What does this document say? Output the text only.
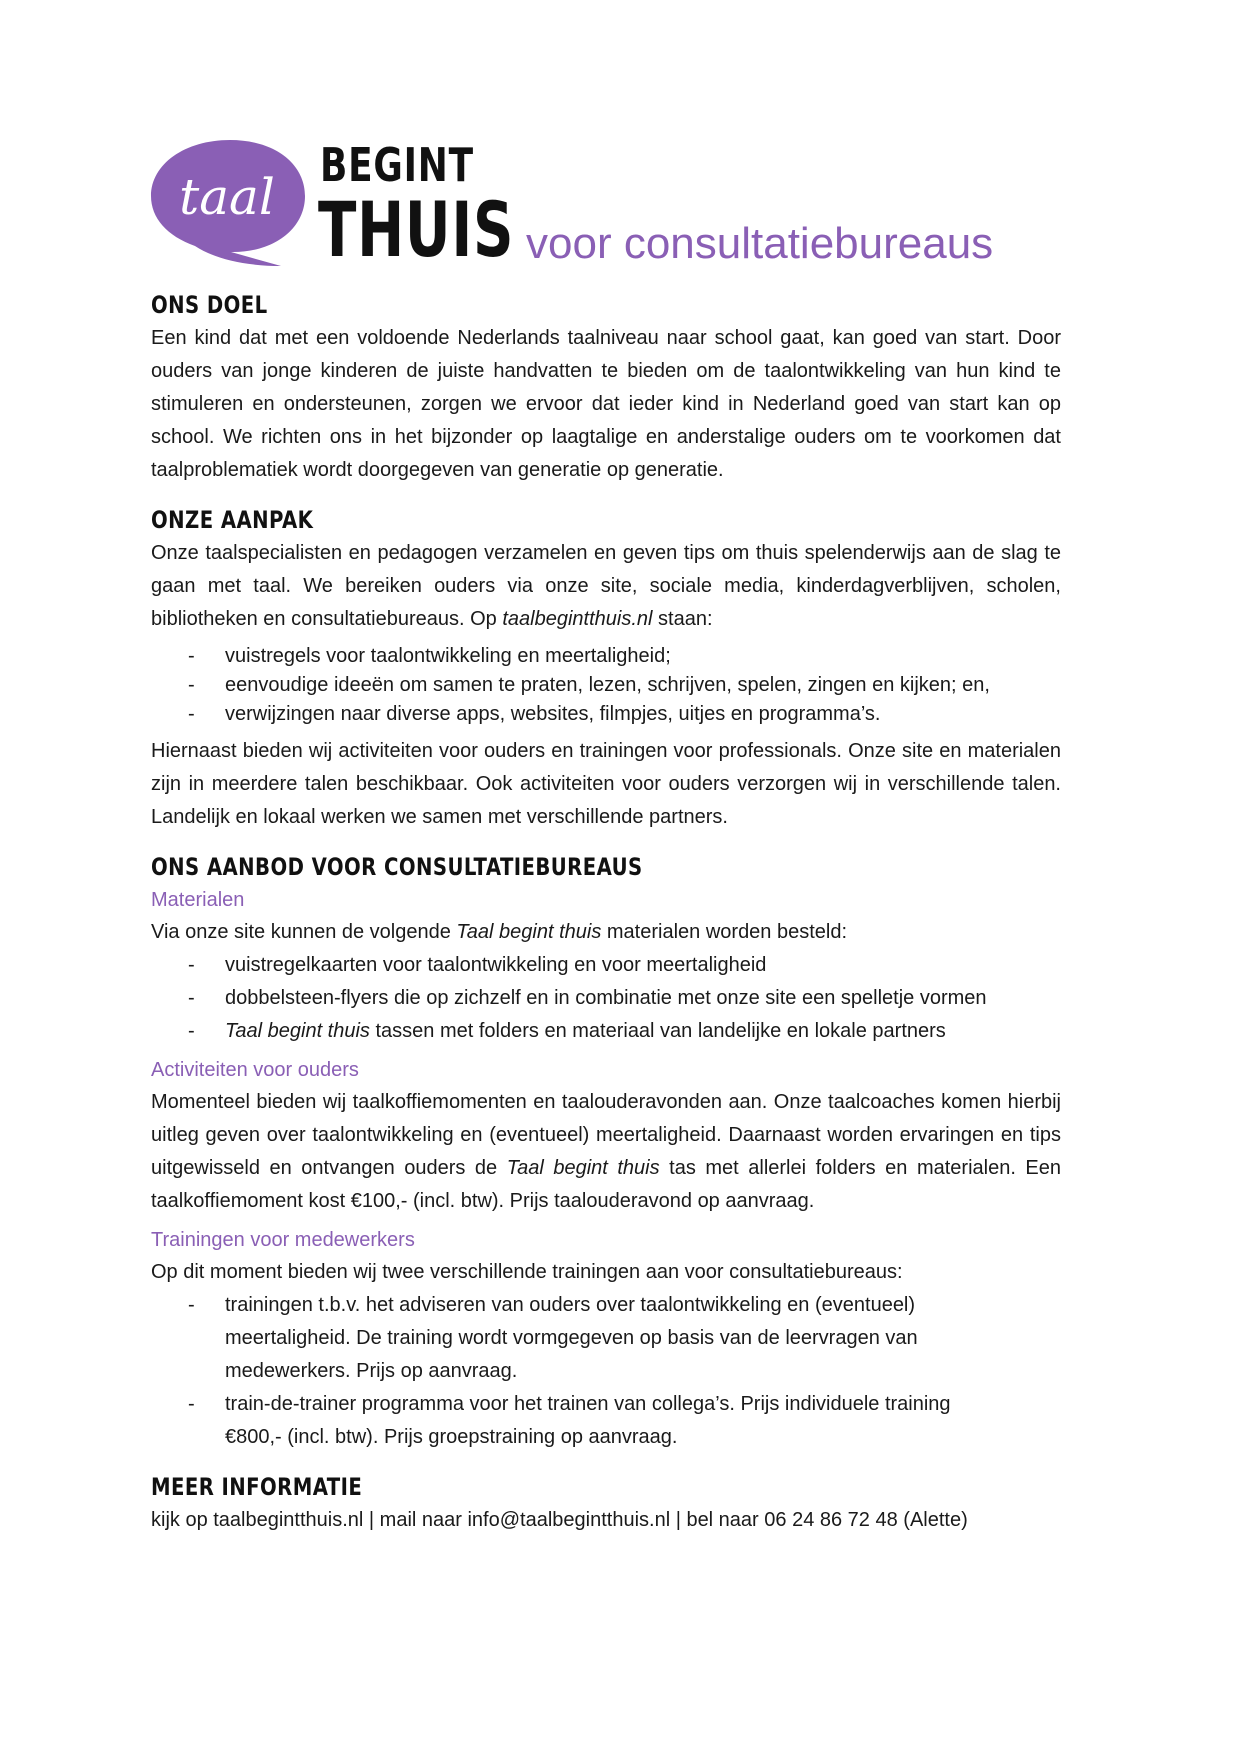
taal
BEGINT
THUIS voor consultatiebureaus
ONS DOEL

Een kind dat met een voldoende Nederlands taalniveau naar school gaat, kan goed van start. Door ouders van jonge kinderen de juiste handvatten te bieden om de taalontwikkeling van hun kind te stimuleren en ondersteunen, zorgen we ervoor dat ieder kind in Nederland goed van start kan op school. We richten ons in het bijzonder op laagtalige en anderstalige ouders om te voorkomen dat taalproblematiek wordt doorgegeven van generatie op generatie.

ONZE AANPAK

Onze taalspecialisten en pedagogen verzamelen en geven tips om thuis spelenderwijs aan de slag te gaan met taal. We bereiken ouders via onze site, sociale media, kinderdagverblijven, scholen, bibliotheken en consultatiebureaus. Op taalbegintthuis.nl staan:

- vuistregels voor taalontwikkeling en meertaligheid;
- eenvoudige ideeën om samen te praten, lezen, schrijven, spelen, zingen en kijken; en,
- verwijzingen naar diverse apps, websites, filmpjes, uitjes en programma’s.

Hiernaast bieden wij activiteiten voor ouders en trainingen voor professionals. Onze site en materialen zijn in meerdere talen beschikbaar. Ook activiteiten voor ouders verzorgen wij in verschillende talen. Landelijk en lokaal werken we samen met verschillende partners.

ONS AANBOD VOOR CONSULTATIEBUREAUS
Materialen

Via onze site kunnen de volgende Taal begint thuis materialen worden besteld:

- vuistregelkaarten voor taalontwikkeling en voor meertaligheid
- dobbelsteen-flyers die op zichzelf en in combinatie met onze site een spelletje vormen
- Taal begint thuis tassen met folders en materiaal van landelijke en lokale partners
Activiteiten voor ouders

Momenteel bieden wij taalkoffiemomenten en taalouderavonden aan. Onze taalcoaches komen hierbij uitleg geven over taalontwikkeling en (eventueel) meertaligheid. Daarnaast worden ervaringen en tips uitgewisseld en ontvangen ouders de Taal begint thuis tas met allerlei folders en materialen. Een taalkoffiemoment kost €100,- (incl. btw). Prijs taalouderavond op aanvraag.

Trainingen voor medewerkers

Op dit moment bieden wij twee verschillende trainingen aan voor consultatiebureaus:

- trainingen t.b.v. het adviseren van ouders over taalontwikkeling en (eventueel) meertaligheid. De training wordt vormgegeven op basis van de leervragen van medewerkers. Prijs op aanvraag.
- train-de-trainer programma voor het trainen van collega’s. Prijs individuele training €800,- (incl. btw). Prijs groepstraining op aanvraag.
MEER INFORMATIE
kijk op taalbegintthuis.nl | mail naar info@taalbegintthuis.nl | bel naar 06 24 86 72 48 (Alette)
